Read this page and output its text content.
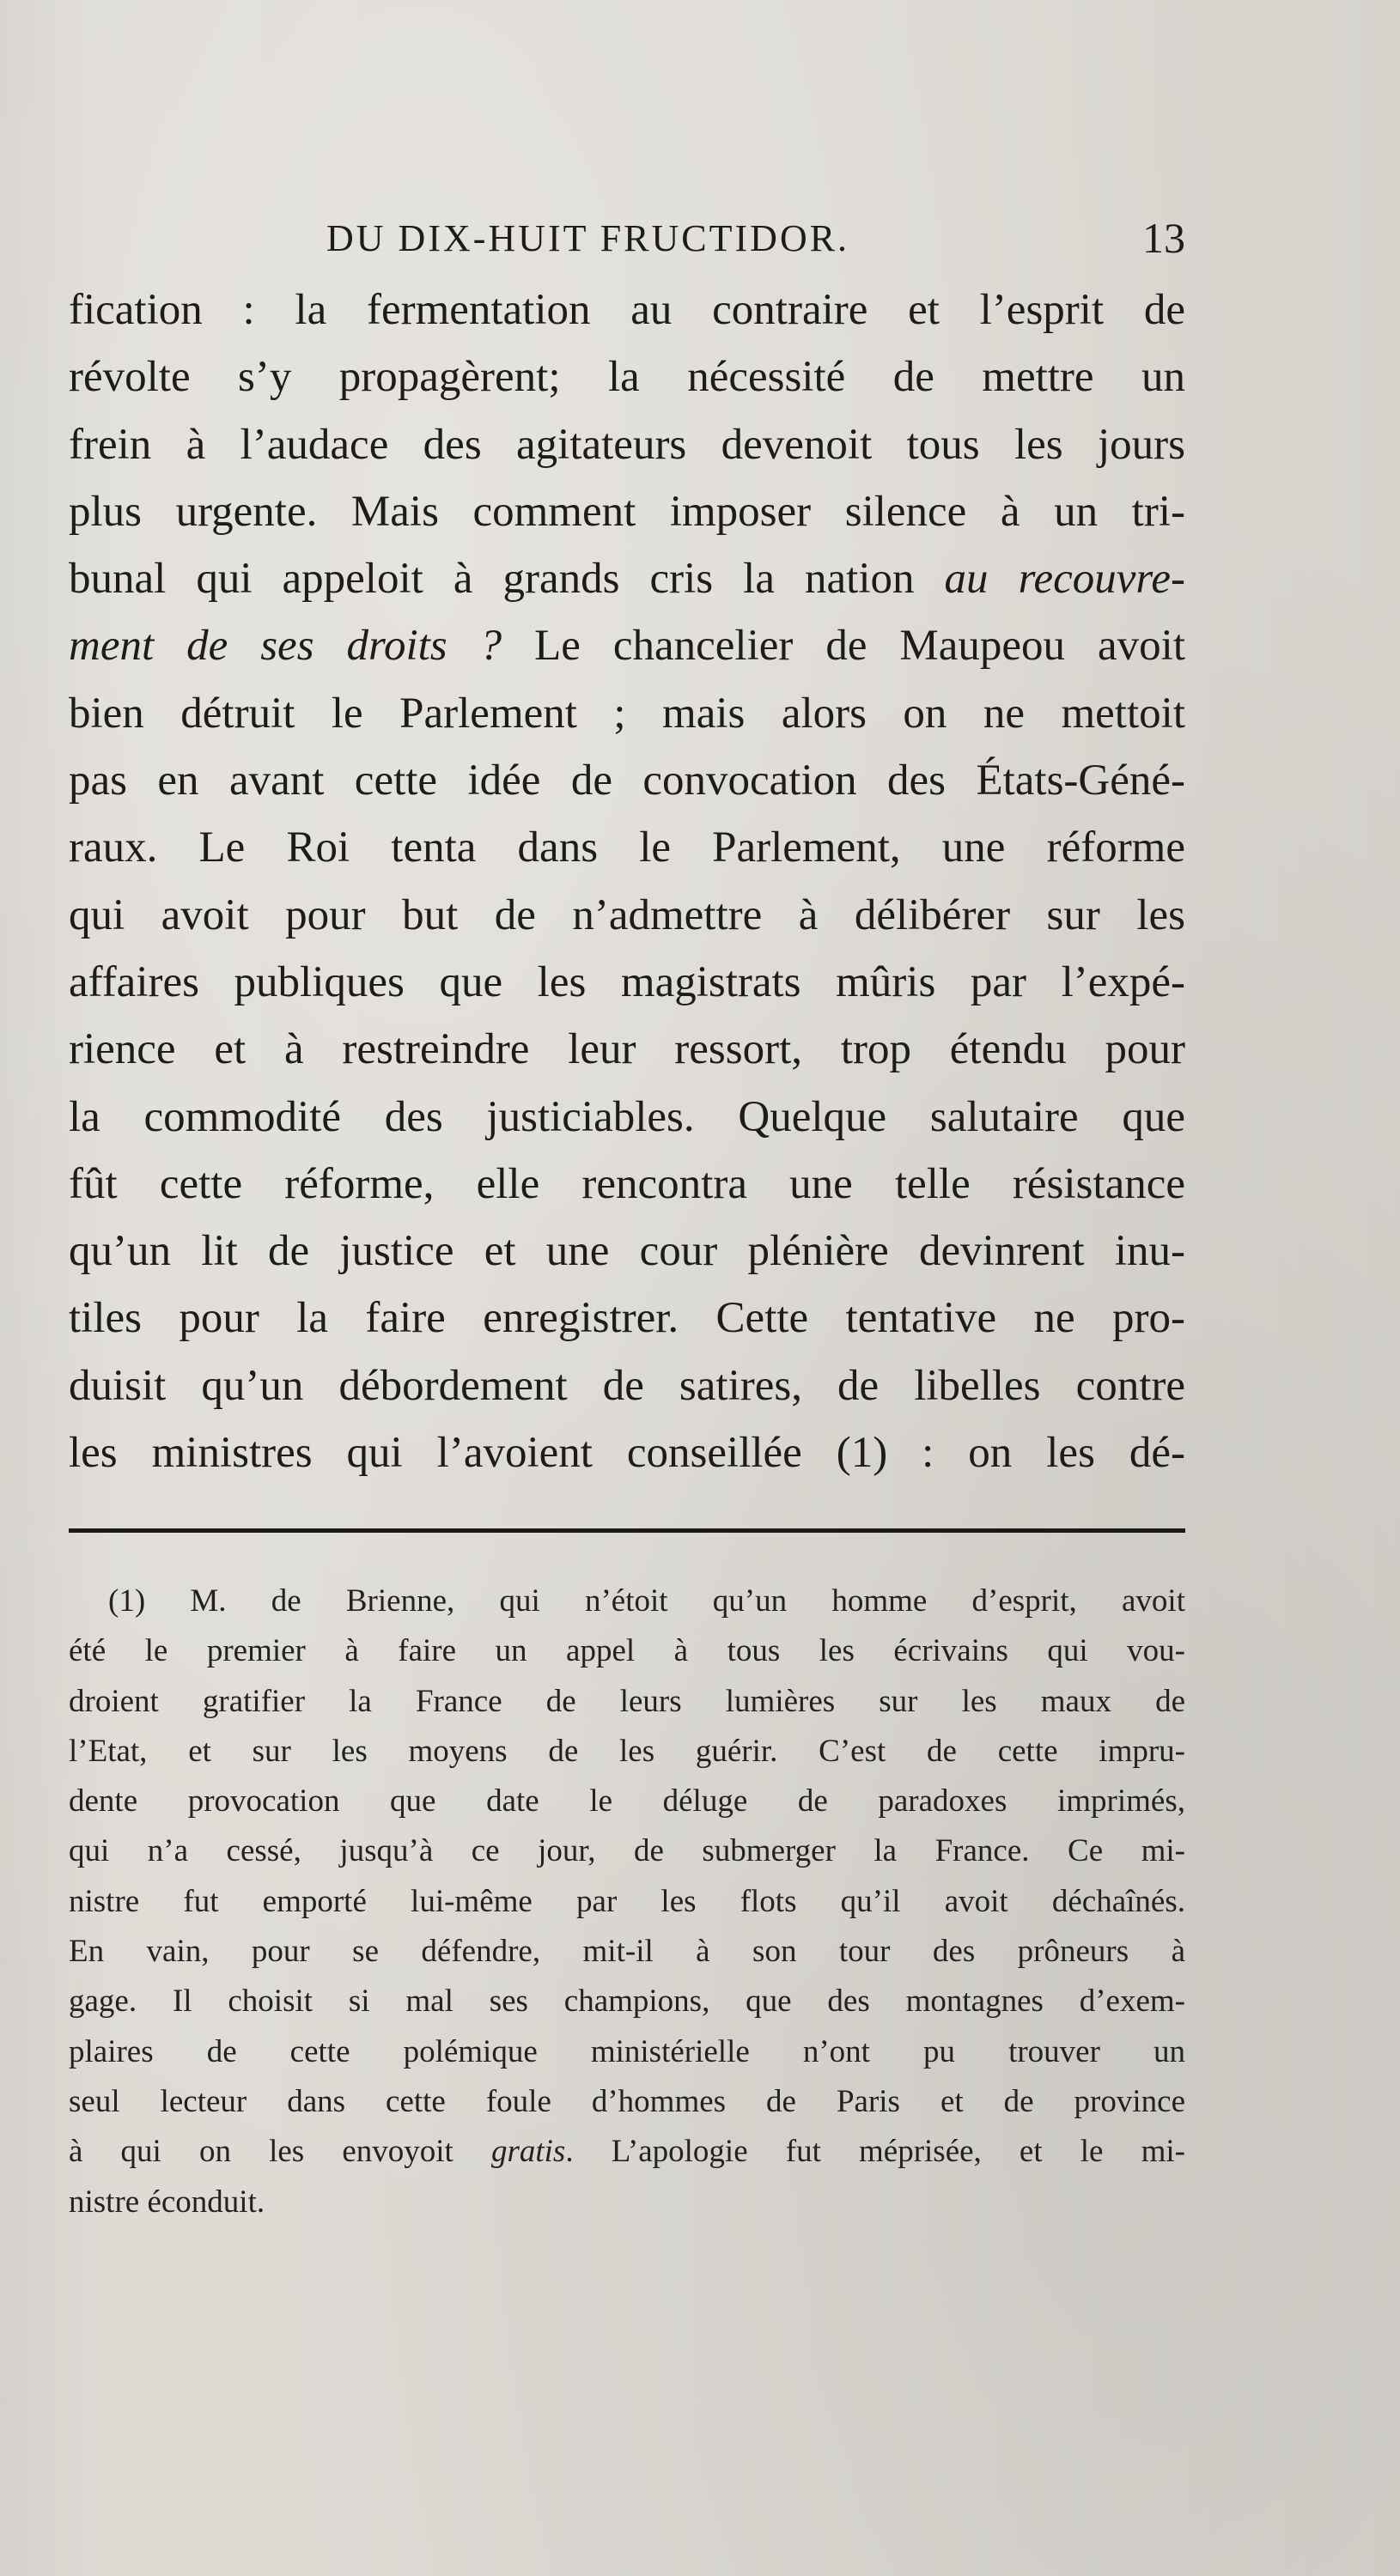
DU DIX-HUIT FRUCTIDOR.	13
fication : la fermentation au contraire et l’esprit de
révolte s’y propagèrent; la nécessité de mettre un
frein à l’audace des agitateurs devenoit tous les jours
plus urgente. Mais comment imposer silence à un tri-
bunal qui appeloit à grands cris la nation au recouvre-
ment de ses droits ? Le chancelier de Maupeou avoit
bien détruit le Parlement ; mais alors on ne mettoit
pas en avant cette idée de convocation des États-Géné-
raux. Le Roi tenta dans le Parlement, une réforme
qui avoit pour but de n’admettre à délibérer sur les
affaires publiques que les magistrats mûris par l’expé-
rience et à restreindre leur ressort, trop étendu pour
la commodité des justiciables. Quelque salutaire que
fût cette réforme, elle rencontra une telle résistance
qu’un lit de justice et une cour plénière devinrent inu-
tiles pour la faire enregistrer. Cette tentative ne pro-
duisit qu’un débordement de satires, de libelles contre
les ministres qui l’avoient conseillée (1) : on les dé-
(1) M. de Brienne, qui n’étoit qu’un homme d’esprit, avoit
été le premier à faire un appel à tous les écrivains qui vou-
droient gratifier la France de leurs lumières sur les maux de
l’Etat, et sur les moyens de les guérir. C’est de cette impru-
dente provocation que date le déluge de paradoxes imprimés,
qui n’a cessé, jusqu’à ce jour, de submerger la France. Ce mi-
nistre fut emporté lui-même par les flots qu’il avoit déchaînés.
En vain, pour se défendre, mit-il à son tour des prôneurs à
gage. Il choisit si mal ses champions, que des montagnes d’exem-
plaires de cette polémique ministérielle n’ont pu trouver un
seul lecteur dans cette foule d’hommes de Paris et de province
à qui on les envoyoit gratis. L’apologie fut méprisée, et le mi-
nistre éconduit.
